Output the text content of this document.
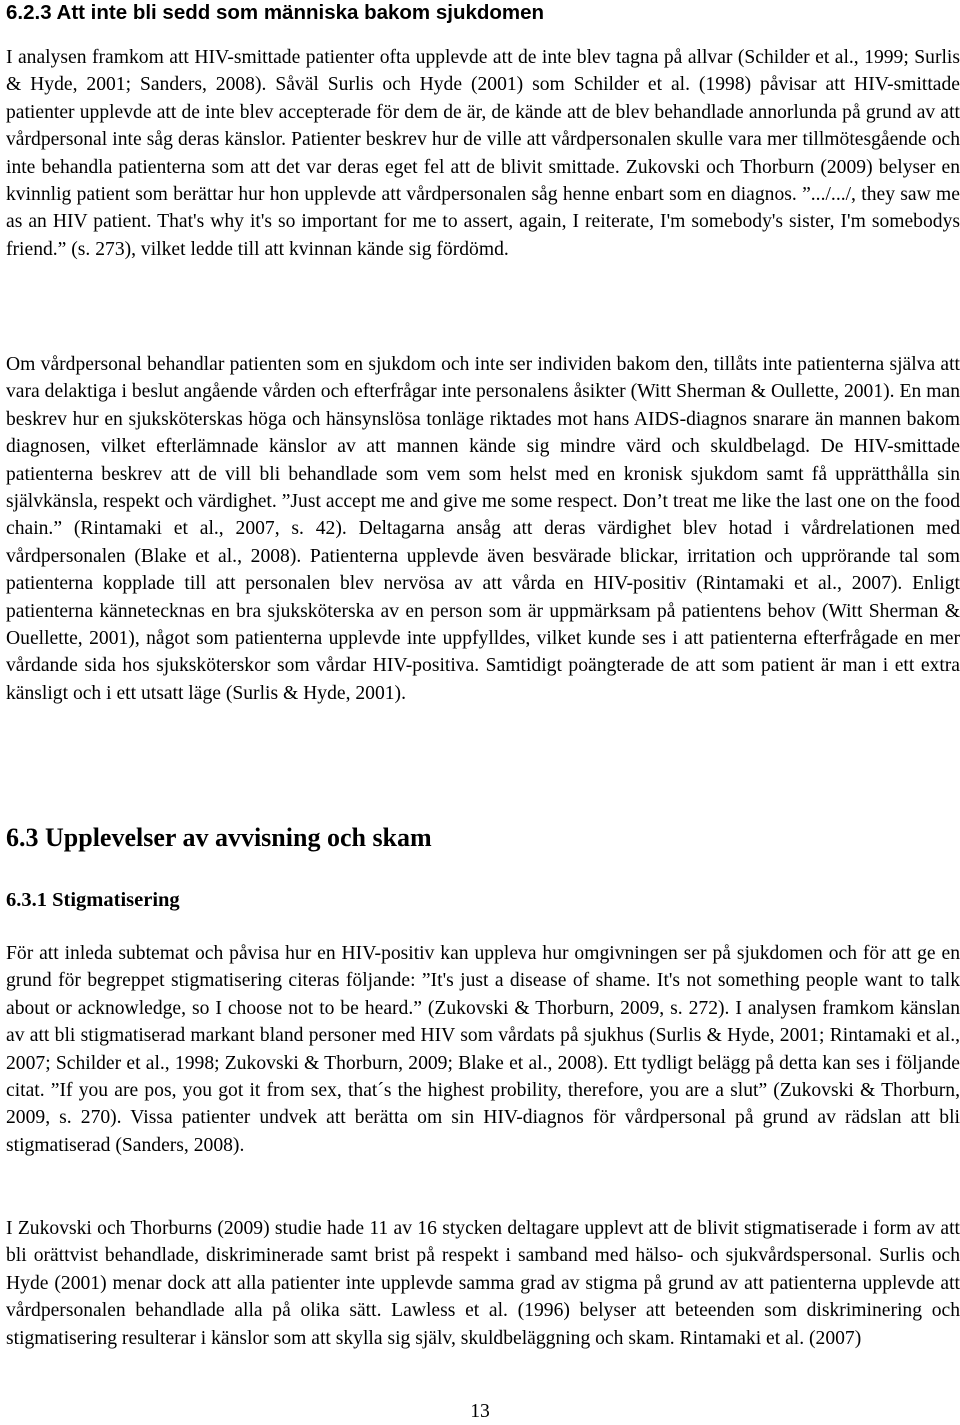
6.2.3 Att inte bli sedd som människa bakom sjukdomen

I analysen framkom att HIV-smittade patienter ofta upplevde att de inte blev tagna på allvar (Schilder et al., 1999; Surlis & Hyde, 2001; Sanders, 2008). Såväl Surlis och Hyde (2001) som Schilder et al. (1998) påvisar att HIV-smittade patienter upplevde att de inte blev accepterade för dem de är, de kände att de blev behandlade annorlunda på grund av att vårdpersonal inte såg deras känslor. Patienter beskrev hur de ville att vårdpersonalen skulle vara mer tillmötesgående och inte behandla patienterna som att det var deras eget fel att de blivit smittade. Zukovski och Thorburn (2009) belyser en kvinnlig patient som berättar hur hon upplevde att vårdpersonalen såg henne enbart som en diagnos. ”.../.../, they saw me as an HIV patient. That's why it's so important for me to assert, again, I reiterate, I'm somebody's sister, I'm somebodys friend.” (s. 273), vilket ledde till att kvinnan kände sig fördömd.

Om vårdpersonal behandlar patienten som en sjukdom och inte ser individen bakom den, tillåts inte patienterna själva att vara delaktiga i beslut angående vården och efterfrågar inte personalens åsikter (Witt Sherman & Oullette, 2001). En man beskrev hur en sjuksköterskas höga och hänsynslösa tonläge riktades mot hans AIDS-diagnos snarare än mannen bakom diagnosen, vilket efterlämnade känslor av att mannen kände sig mindre värd och skuldbelagd. De HIV-smittade patienterna beskrev att de vill bli behandlade som vem som helst med en kronisk sjukdom samt få upprätthålla sin självkänsla, respekt och värdighet. ”Just accept me and give me some respect. Don’t treat me like the last one on the food chain.” (Rintamaki et al., 2007, s. 42). Deltagarna ansåg att deras värdighet blev hotad i vårdrelationen med vårdpersonalen (Blake et al., 2008). Patienterna upplevde även besvärade blickar, irritation och upprörande tal som patienterna kopplade till att personalen blev nervösa av att vårda en HIV-positiv (Rintamaki et al., 2007). Enligt patienterna kännetecknas en bra sjuksköterska av en person som är uppmärksam på patientens behov (Witt Sherman & Ouellette, 2001), något som patienterna upplevde inte uppfylldes, vilket kunde ses i att patienterna efterfrågade en mer vårdande sida hos sjuksköterskor som vårdar HIV-positiva. Samtidigt poängterade de att som patient är man i ett extra känsligt och i ett utsatt läge (Surlis & Hyde, 2001).

6.3 Upplevelser av avvisning och skam
6.3.1 Stigmatisering

För att inleda subtemat och påvisa hur en HIV-positiv kan uppleva hur omgivningen ser på sjukdomen och för att ge en grund för begreppet stigmatisering citeras följande: ”It's just a disease of shame. It's not something people want to talk about or acknowledge, so I choose not to be heard.” (Zukovski & Thorburn, 2009, s. 272). I analysen framkom känslan av att bli stigmatiserad markant bland personer med HIV som vårdats på sjukhus (Surlis & Hyde, 2001; Rintamaki et al., 2007; Schilder et al., 1998; Zukovski & Thorburn, 2009; Blake et al., 2008). Ett tydligt belägg på detta kan ses i följande citat. ”If you are pos, you got it from sex, that´s the highest probility, therefore, you are a slut” (Zukovski & Thorburn, 2009, s. 270). Vissa patienter undvek att berätta om sin HIV-diagnos för vårdpersonal på grund av rädslan att bli stigmatiserad (Sanders, 2008).

I Zukovski och Thorburns (2009) studie hade 11 av 16 stycken deltagare upplevt att de blivit stigmatiserade i form av att bli orättvist behandlade, diskriminerade samt brist på respekt i samband med hälso- och sjukvårdspersonal. Surlis och Hyde (2001) menar dock att alla patienter inte upplevde samma grad av stigma på grund av att patienterna upplevde att vårdpersonalen behandlade alla på olika sätt. Lawless et al. (1996) belyser att beteenden som diskriminering och stigmatisering resulterar i känslor som att skylla sig själv, skuldbeläggning och skam. Rintamaki et al. (2007)

13
